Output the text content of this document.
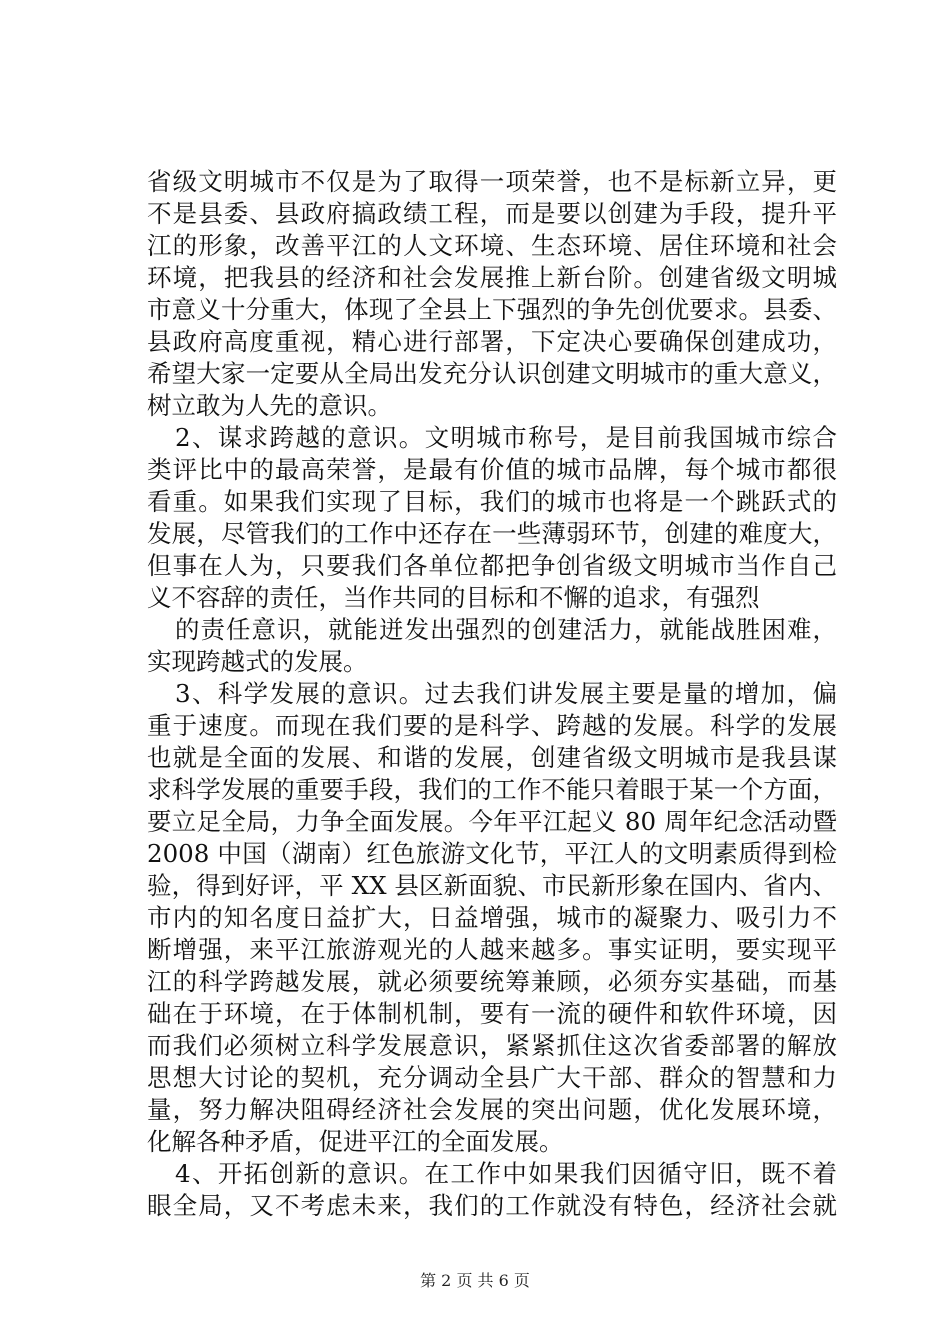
省级文明城市不仅是为了取得一项荣誉，也不是标新立异，更
不是县委、县政府搞政绩工程，而是要以创建为手段，提升平
江的形象，改善平江的人文环境、生态环境、居住环境和社会
环境，把我县的经济和社会发展推上新台阶。创建省级文明城
市意义十分重大，体现了全县上下强烈的争先创优要求。县委、
县政府高度重视，精心进行部署，下定决心要确保创建成功，
希望大家一定要从全局出发充分认识创建文明城市的重大意义，
树立敢为人先的意识。
2、谋求跨越的意识。文明城市称号，是目前我国城市综合
类评比中的最高荣誉，是最有价值的城市品牌，每个城市都很
看重。如果我们实现了目标，我们的城市也将是一个跳跃式的
发展，尽管我们的工作中还存在一些薄弱环节，创建的难度大，
但事在人为，只要我们各单位都把争创省级文明城市当作自己
义不容辞的责任，当作共同的目标和不懈的追求，有强烈
的责任意识，就能迸发出强烈的创建活力，就能战胜困难，
实现跨越式的发展。
3、科学发展的意识。过去我们讲发展主要是量的增加，偏
重于速度。而现在我们要的是科学、跨越的发展。科学的发展
也就是全面的发展、和谐的发展，创建省级文明城市是我县谋
求科学发展的重要手段，我们的工作不能只着眼于某一个方面，
要立足全局，力争全面发展。今年平江起义 80 周年纪念活动暨
2008 中国（湖南）红色旅游文化节，平江人的文明素质得到检
验，得到好评，平 XX 县区新面貌、市民新形象在国内、省内、
市内的知名度日益扩大，日益增强，城市的凝聚力、吸引力不
断增强，来平江旅游观光的人越来越多。事实证明，要实现平
江的科学跨越发展，就必须要统筹兼顾，必须夯实基础，而基
础在于环境，在于体制机制，要有一流的硬件和软件环境，因
而我们必须树立科学发展意识，紧紧抓住这次省委部署的解放
思想大讨论的契机，充分调动全县广大干部、群众的智慧和力
量，努力解决阻碍经济社会发展的突出问题，优化发展环境，
化解各种矛盾，促进平江的全面发展。
4、开拓创新的意识。在工作中如果我们因循守旧，既不着
眼全局，又不考虑未来，我们的工作就没有特色，经济社会就
第 2 页 共 6 页
